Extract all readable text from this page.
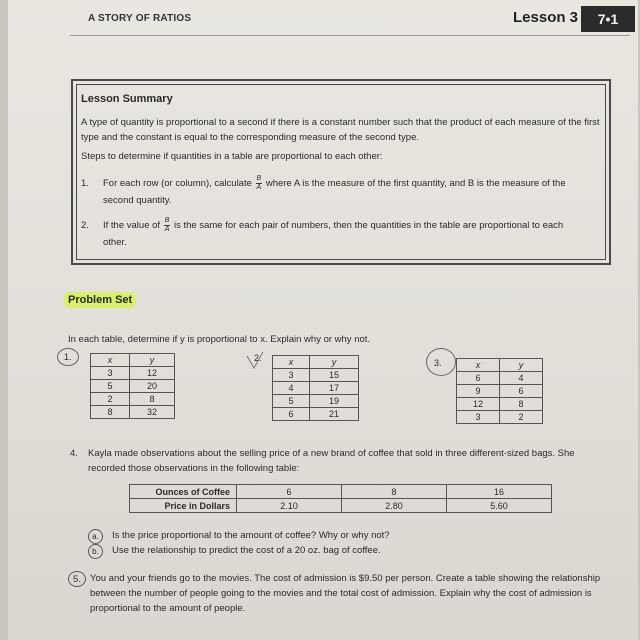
A STORY OF RATIOS	Lesson 3	7•1
Lesson Summary
A type of quantity is proportional to a second if there is a constant number such that the product of each measure of the first type and the constant is equal to the corresponding measure of the second type.
Steps to determine if quantities in a table are proportional to each other:
1. For each row (or column), calculate $\frac{B}{A}$ where A is the measure of the first quantity, and B is the measure of the second quantity.
2. If the value of $\frac{B}{A}$ is the same for each pair of numbers, then the quantities in the table are proportional to each other.
Problem Set
In each table, determine if y is proportional to x. Explain why or why not.
1.	x	y
3	12
5	20
2	8
8	32
2.	x	y
3	15
4	17
5	19
6	21
3.	x	y
6	4
9	6
12	8
3	2
4. Kayla made observations about the selling price of a new brand of coffee that sold in three different-sized bags. She recorded those observations in the following table:
Ounces of Coffee	6	8	16
Price in Dollars	2.10	2.80	5.60
a.	Is the price proportional to the amount of coffee? Why or why not?
b.	Use the relationship to predict the cost of a 20 oz. bag of coffee.
5. You and your friends go to the movies. The cost of admission is $9.50 per person. Create a table showing the relationship between the number of people going to the movies and the total cost of admission. Explain why the cost of admission is proportional to the amount of people.
